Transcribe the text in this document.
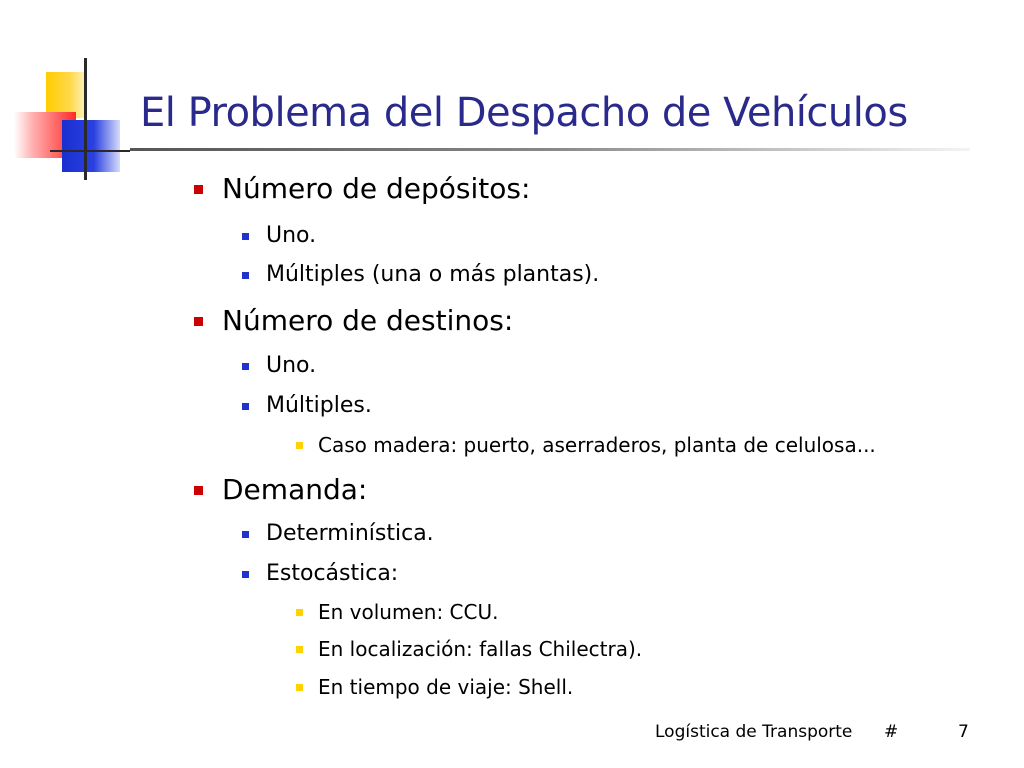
El Problema del Despacho de Vehículos
Número de depósitos:
Uno.
Múltiples (una o más plantas).
Número de destinos:
Uno.
Múltiples.
Caso madera: puerto, aserraderos, planta de celulosa...
Demanda:
Determinística.
Estocástica:
En volumen: CCU.
En localización: fallas Chilectra).
En tiempo de viaje: Shell.
Logística de Transporte #	7
